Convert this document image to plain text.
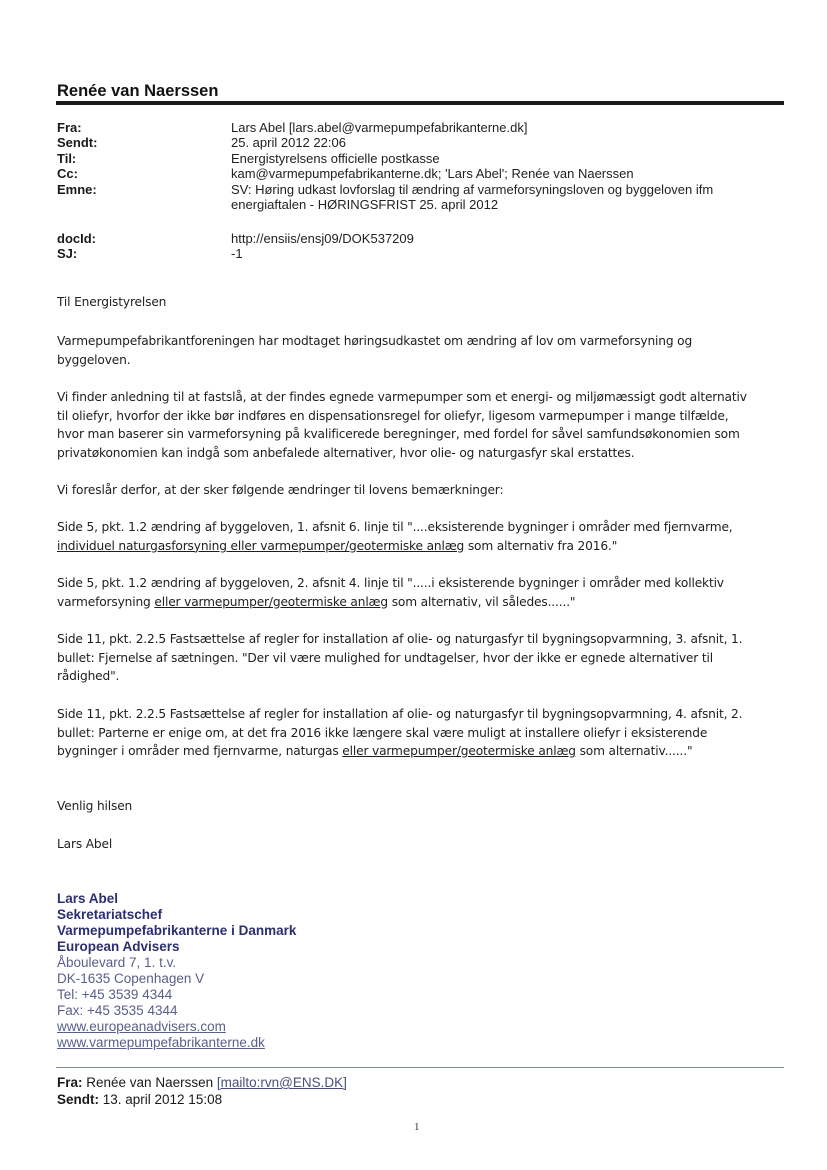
Renée van Naerssen
Fra:	Lars Abel [lars.abel@varmepumpefabrikanterne.dk]
Sendt:	25. april 2012 22:06
Til:	Energistyrelsens officielle postkasse
Cc:	kam@varmepumpefabrikanterne.dk; 'Lars Abel'; Renée van Naerssen
Emne:	SV: Høring udkast lovforslag til ændring af varmeforsyningsloven og byggeloven ifm
energiaftalen - HØRINGSFRIST 25. april 2012
docId:	http://ensiis/ensj09/DOK537209
SJ:	-1
Til Energistyrelsen
Varmepumpefabrikantforeningen har modtaget høringsudkastet om ændring af lov om varmeforsyning og
byggeloven.
Vi finder anledning til at fastslå, at der findes egnede varmepumper som et energi- og miljømæssigt godt alternativ
til oliefyr, hvorfor der ikke bør indføres en dispensationsregel for oliefyr, ligesom varmepumper i mange tilfælde,
hvor man baserer sin varmeforsyning på kvalificerede beregninger, med fordel for såvel samfundsøkonomien som
privatøkonomien kan indgå som anbefalede alternativer, hvor olie- og naturgasfyr skal erstattes.
Vi foreslår derfor, at der sker følgende ændringer til lovens bemærkninger:
Side 5, pkt. 1.2 ændring af byggeloven, 1. afsnit 6. linje til "....eksisterende bygninger i områder med fjernvarme,
individuel naturgasforsyning eller varmepumper/geotermiske anlæg som alternativ fra 2016."
Side 5, pkt. 1.2 ændring af byggeloven, 2. afsnit 4. linje til ".....i eksisterende bygninger i områder med kollektiv
varmeforsyning eller varmepumper/geotermiske anlæg som alternativ, vil således......"
Side 11, pkt. 2.2.5 Fastsættelse af regler for installation af olie- og naturgasfyr til bygningsopvarmning, 3. afsnit, 1.
bullet: Fjernelse af sætningen. "Der vil være mulighed for undtagelser, hvor der ikke er egnede alternativer til
rådighed".
Side 11, pkt. 2.2.5 Fastsættelse af regler for installation af olie- og naturgasfyr til bygningsopvarmning, 4. afsnit, 2.
bullet: Parterne er enige om, at det fra 2016 ikke længere skal være muligt at installere oliefyr i eksisterende
bygninger i områder med fjernvarme, naturgas eller varmepumper/geotermiske anlæg som alternativ......"
Venlig hilsen
Lars Abel
Lars Abel
Sekretariatschef
Varmepumpefabrikanterne i Danmark
European Advisers
Åboulevard 7, 1. t.v.
DK-1635 Copenhagen V
Tel: +45 3539 4344
Fax: +45 3535 4344
www.europeanadvisers.com
www.varmepumpefabrikanterne.dk
Fra: Renée van Naerssen [mailto:rvn@ENS.DK]
Sendt: 13. april 2012 15:08
1
